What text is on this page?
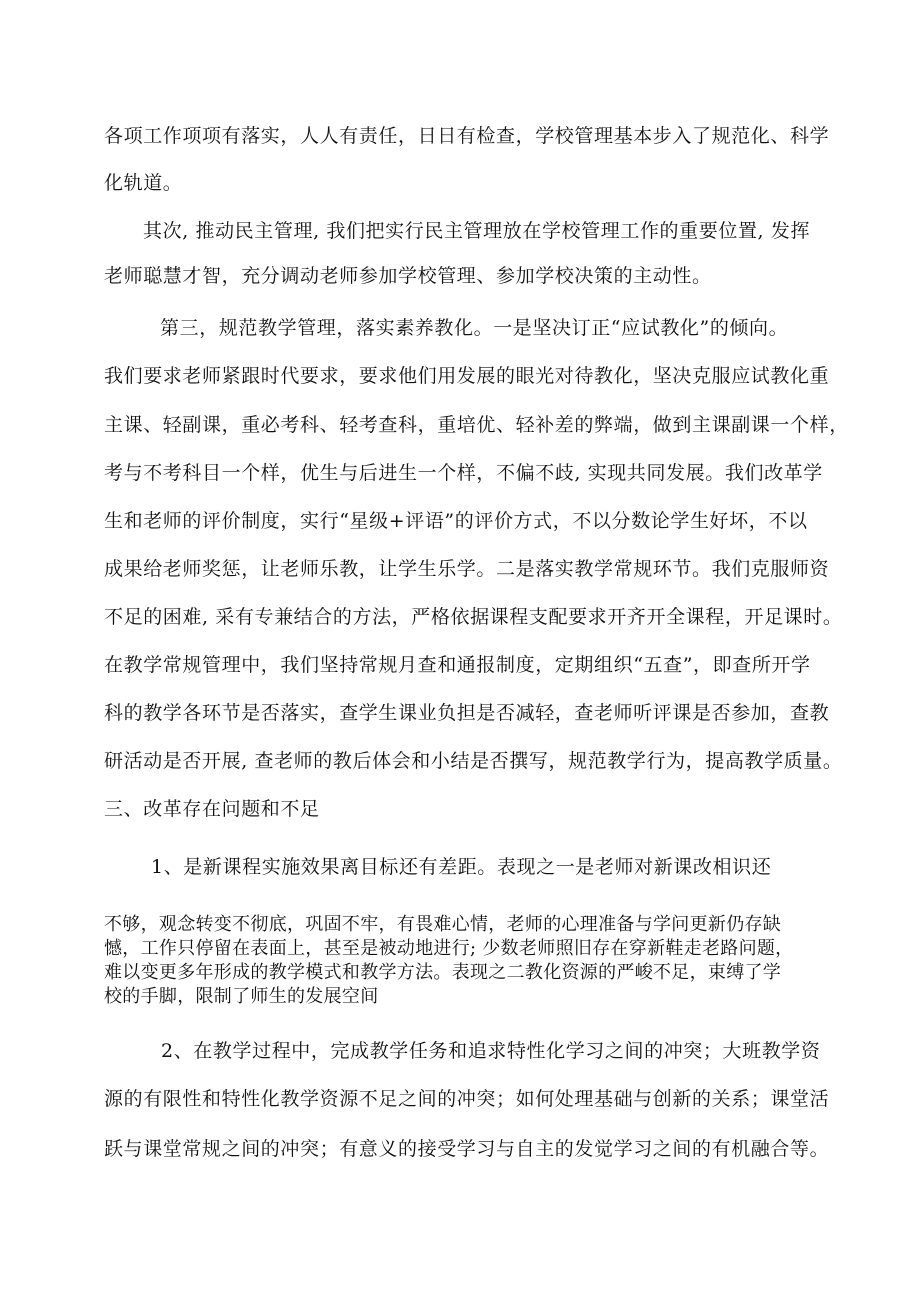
各项工作项项有落实，人人有责任，日日有检查，学校管理基本步入了规范化、科学
化轨道。
其次, 推动民主管理, 我们把实行民主管理放在学校管理工作的重要位置, 发挥
老师聪慧才智，充分调动老师参加学校管理、参加学校决策的主动性。
第三，规范教学管理，落实素养教化。一是坚决订正“应试教化”的倾向。
我们要求老师紧跟时代要求，要求他们用发展的眼光对待教化，坚决克服应试教化重
主课、轻副课，重必考科、轻考查科，重培优、轻补差的弊端，做到主课副课一个样，
考与不考科目一个样，优生与后进生一个样，不偏不歧, 实现共同发展。我们改革学
生和老师的评价制度，实行“星级+评语”的评价方式，不以分数论学生好坏，不以
成果给老师奖惩，让老师乐教，让学生乐学。二是落实教学常规环节。我们克服师资
不足的困难, 采有专兼结合的方法，严格依据课程支配要求开齐开全课程，开足课时。
在教学常规管理中，我们坚持常规月查和通报制度，定期组织“五查”，即查所开学
科的教学各环节是否落实，查学生课业负担是否减轻，查老师听评课是否参加，查教
研活动是否开展, 查老师的教后体会和小结是否撰写，规范教学行为，提高教学质量。
三、改革存在问题和不足
1、是新课程实施效果离目标还有差距。表现之一是老师对新课改相识还
不够，观念转变不彻底，巩固不牢，有畏难心情，老师的心理准备与学问更新仍存缺
憾，工作只停留在表面上，甚至是被动地进行; 少数老师照旧存在穿新鞋走老路问题，
难以变更多年形成的教学模式和教学方法。表现之二教化资源的严峻不足，束缚了学
校的手脚，限制了师生的发展空间
2、在教学过程中，完成教学任务和追求特性化学习之间的冲突；大班教学资
源的有限性和特性化教学资源不足之间的冲突；如何处理基础与创新的关系；课堂活
跃与课堂常规之间的冲突；有意义的接受学习与自主的发觉学习之间的有机融合等。
